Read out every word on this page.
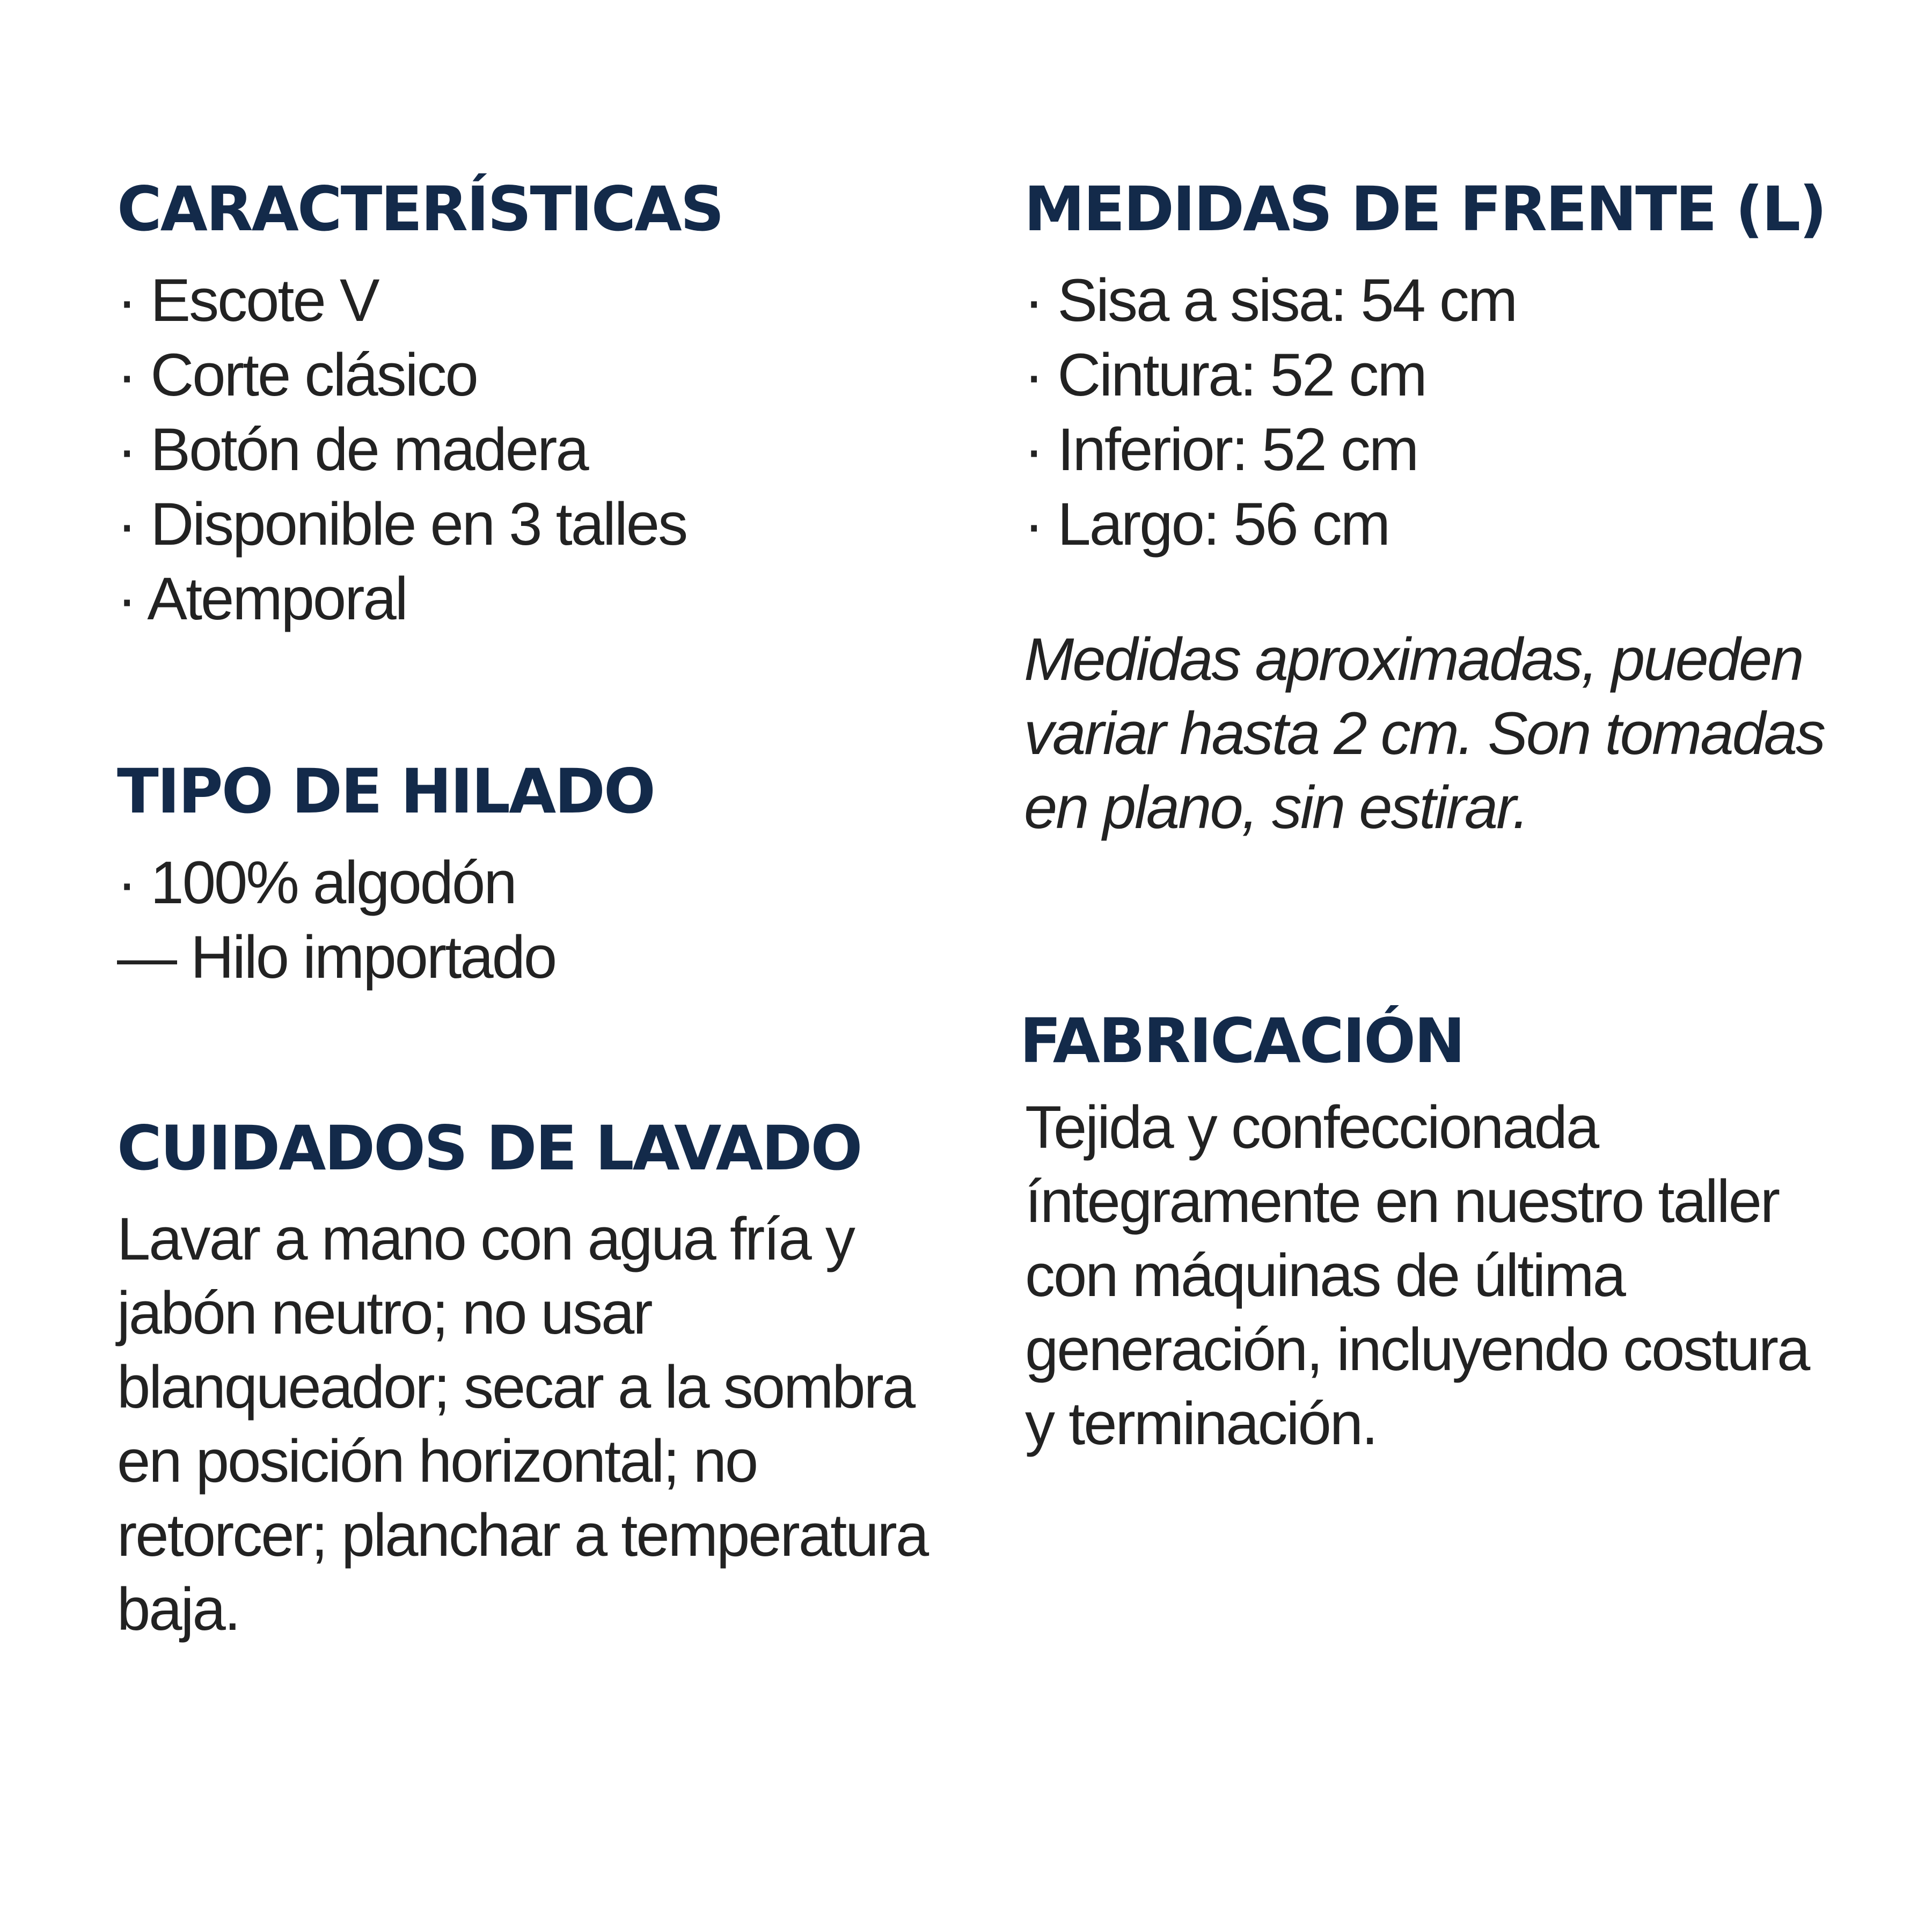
CARACTERÍSTICAS
· Escote V
· Corte clásico
· Botón de madera
· Disponible en 3 talles
· Atemporal
TIPO DE HILADO
· 100% algodón
— Hilo importado
CUIDADOS DE LAVADO

Lavar a mano con agua fría y jabón neutro; no usar blanqueador; secar a la sombra en posición horizontal; no retorcer; planchar a temperatura baja.

MEDIDAS DE FRENTE (L)
· Sisa a sisa: 54 cm
· Cintura: 52 cm
· Inferior: 52 cm
· Largo: 56 cm

Medidas aproximadas, pueden variar hasta 2 cm. Son tomadas en plano, sin estirar.

FABRICACIÓN

Tejida y confeccionada íntegramente en nuestro taller con máquinas de última generación, incluyendo costura y terminación.
